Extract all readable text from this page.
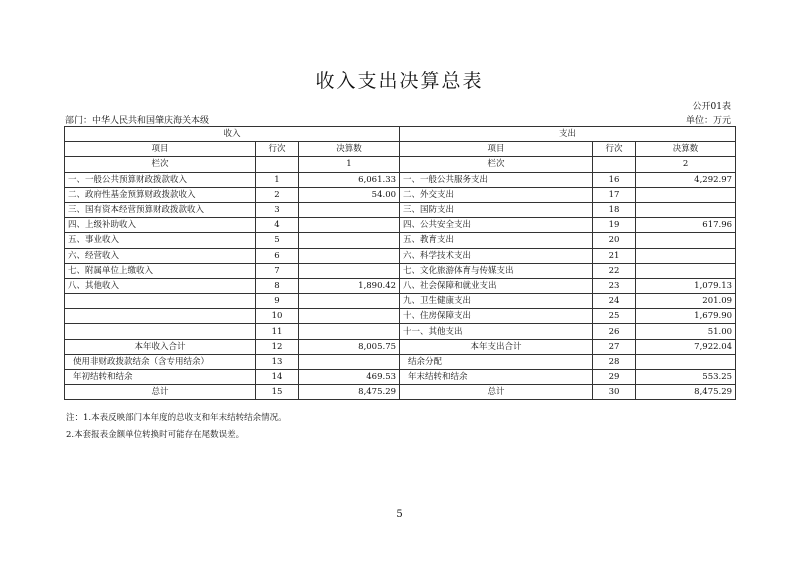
收入支出决算总表
公开01表
部门：中华人民共和国肇庆海关本级	单位：万元
收入			支出		
项目	行次	决算数	项目	行次	决算数
栏次		1	栏次		2
一、一般公共预算财政拨款收入	1	6,061.33	一、一般公共服务支出	16	4,292.97
二、政府性基金预算财政拨款收入	2	54.00	二、外交支出	17	
三、国有资本经营预算财政拨款收入	3		三、国防支出	18	
四、上级补助收入	4		四、公共安全支出	19	617.96
五、事业收入	5		五、教育支出	20	
六、经营收入	6		六、科学技术支出	21	
七、附属单位上缴收入	7		七、文化旅游体育与传媒支出	22	
八、其他收入	8	1,890.42	八、社会保障和就业支出	23	1,079.13
	9		九、卫生健康支出	24	201.09
	10		十、住房保障支出	25	1,679.90
	11		十一、其他支出	26	51.00
本年收入合计	12	8,005.75	本年支出合计	27	7,922.04
使用非财政拨款结余（含专用结余）	13		结余分配	28	
年初结转和结余	14	469.53	年末结转和结余	29	553.25
总计	15	8,475.29	总计	30	8,475.29
注：1.本表反映部门本年度的总收支和年末结转结余情况。
2.本套报表金额单位转换时可能存在尾数误差。
5
